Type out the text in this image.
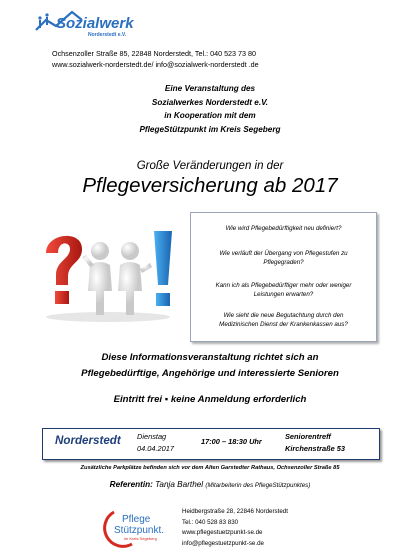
Sozialwerk
Norderstedt e.V.
Ochsenzoller Straße 85, 22848 Norderstedt, Tel.: 040 523 73 80
www.sozialwerk-norderstedt.de/ info@sozialwerk-norderstedt .de
Eine Veranstaltung des
Sozialwerkes Norderstedt e.V.
in Kooperation mit dem
PflegeStützpunkt im Kreis Segeberg
Große Veränderungen in der
Pflegeversicherung ab 2017
Wie wird Pflegebedürftigkeit neu definiert?
Wie verläuft der Übergang von Pflegestufen zu
Pflegegraden?
Kann ich als Pflegebedürftiger mehr oder weniger
Leistungen erwarten?
Wie sieht die neue Begutachtung durch den
Medizinischen Dienst der Krankenkassen aus?
Diese Informationsveranstaltung richtet sich an
Pflegebedürftige, Angehörige und interessierte Senioren
Eintritt frei ▪ keine Anmeldung erforderlich
Norderstedt Dienstag
04.04.2017
17:00 – 18:30 Uhr
Seniorentreff
Kirchenstraße 53
Zusätzliche Parkplätze befinden sich vor dem Alten Garstedter Rathaus, Ochsenzoller Straße 85
Referentin: Tanja Barthel (Mitarbeiterin des PflegeStützpunktes)
Pflege
Stützpunkt.
im Kreis Segeberg
Heidbergstraße 28, 22846 Norderstedt
Tel.: 040 528 83 830
www.pflegestuetzpunkt-se.de
info@pflegestuetzpunkt-se.de
